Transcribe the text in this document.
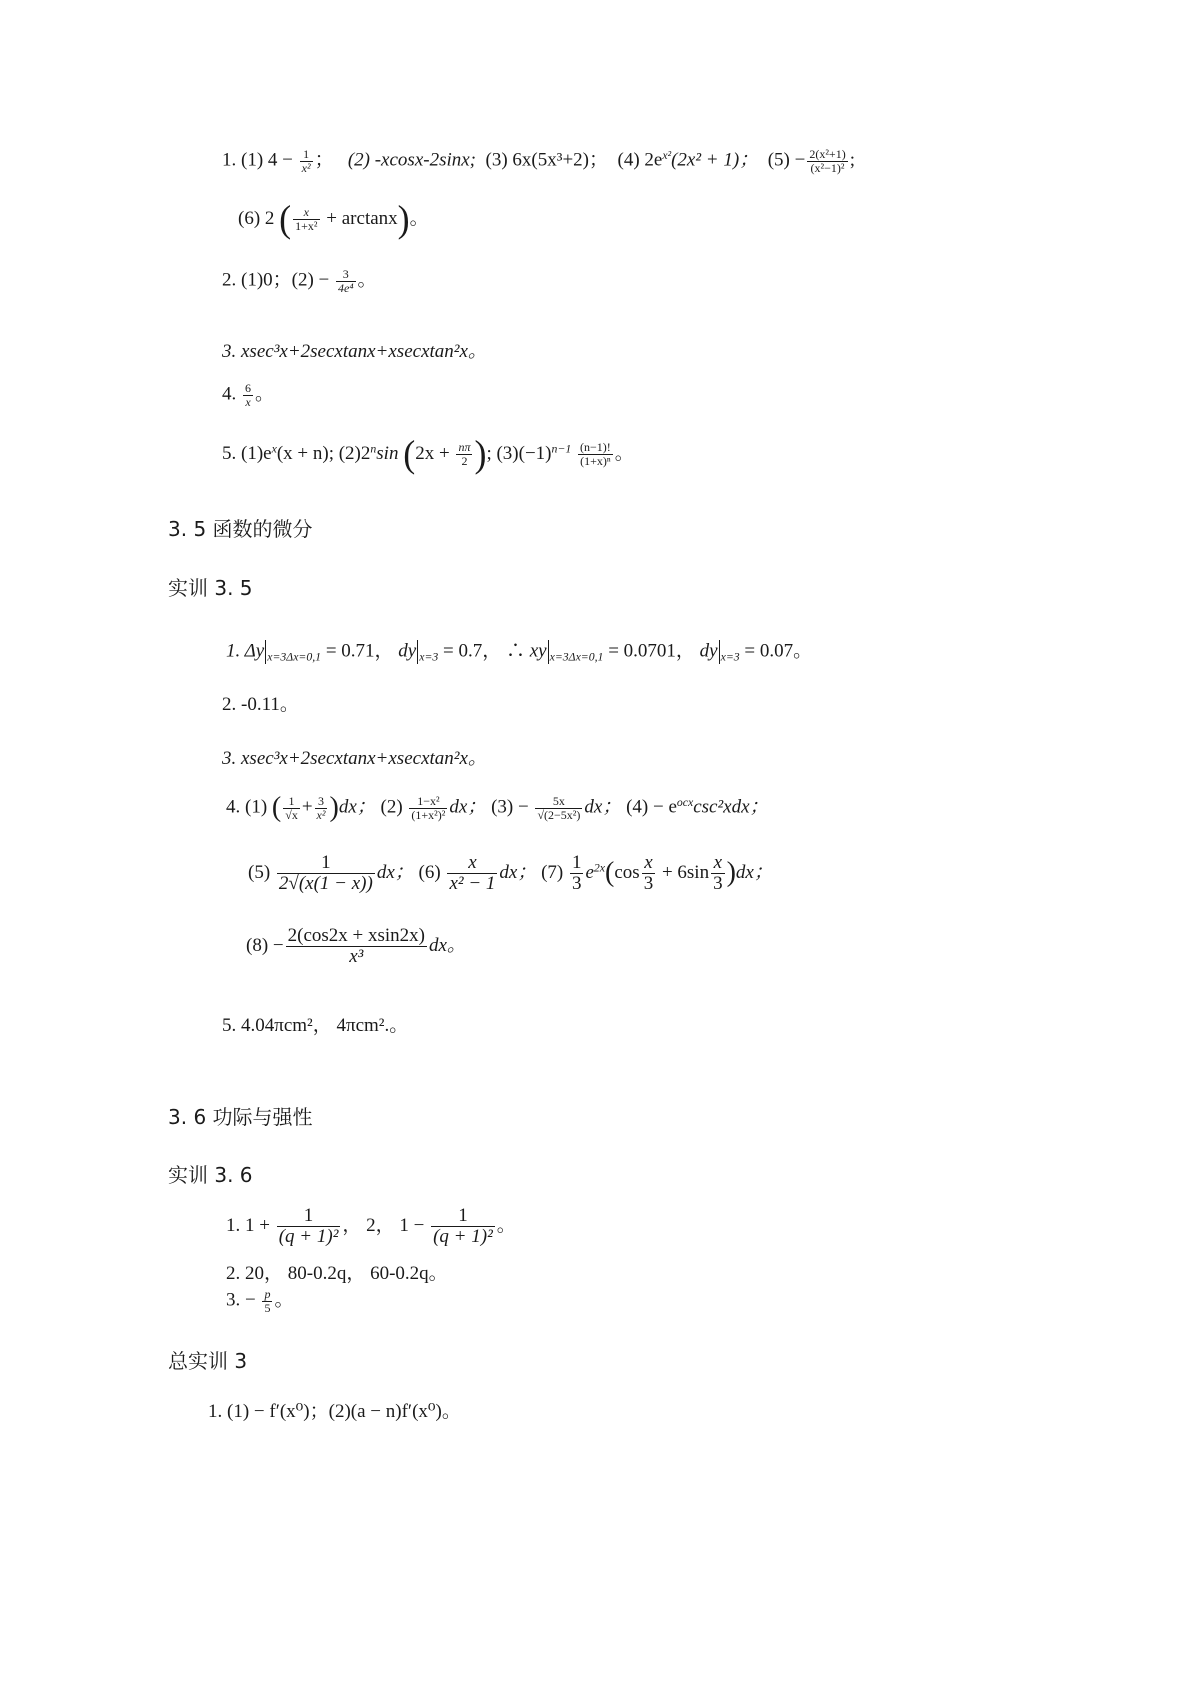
1. (1) $4 - \frac{1}{\text{x²}}$ ； (2) -xcosx-2sinx; (3) 6x(5x³+2)； (4) $2e^{x^2}(2x^2 + 1)$； $(5) - \frac{\text{2(x²+1)}}{\text{(x²−1)²}}$ ;
(6) 2 ( $\frac{x}{\text{1+x²}} + \arctan x$)。
2. (1)0；$(2) - \frac{3}{\text{4e⁴}}$ 。
3. xsec³x+2secxtanx+xsecxtan²x。
4. $\frac{6}{x}$ 。
5. $(1)e^x(x + n)$; (2)2$^n$sin ($2x + \frac{n\pi}{2}$ ); $(3)(-1)^{n-1} \frac{(n-1)!}{\text{(1+x)ⁿ}}$ 。
3. 5 函数的微分
实训 3. 5
1. Δy $_{x=3\Delta x=0,1}$ = 0.71， dy $_{x=3}$ = 0.7， ∴ xy $_{x=3\Delta x=0,1}$ = 0.0701， dy $_{x=3}$ = 0.07。
2. -0.11。
3. xsec³x+2secxtanx+xsecxtan²x。
4. (1) ( $\frac{1}{√x} + \frac{3}{\text{x²}} )dx$； $(2) \frac{\text{1−x²}}{\text{(1+x²)²}}$ dx； $(3) - \frac{5x}{\text{√(2−5x²)}}$ dx； $(4) - e^{ocx}\csc^2xdx$；
$(5) \frac{1}{2√(x(1 - x))}$ dx； $(6) \frac{x}{\text{x² − 1}}$ dx； $(7) \frac{1}{3} e^{2x}(\cos \frac{x}{3} + 6\sin \frac{x}{3} )dx$；
$(8) - \frac{2(\cos 2x + xsin2x)}{\text{x³}}$ dx。
5. 4.04πcm²， 4πcm².。
3. 6 功际与强性
实训 3. 6
1. $1 + \frac{1}{\text{(q + 1)²}}$ ， 2， $1 - \frac{1}{\text{(q + 1)²}}$ 。
2. 20， 80-0.2q， 60-0.2q。
3. − $\frac{p}{5}$ 。
总实训 3
1. (1) − f′(x⁰)；(2)(a − n)f′(x⁰)。
